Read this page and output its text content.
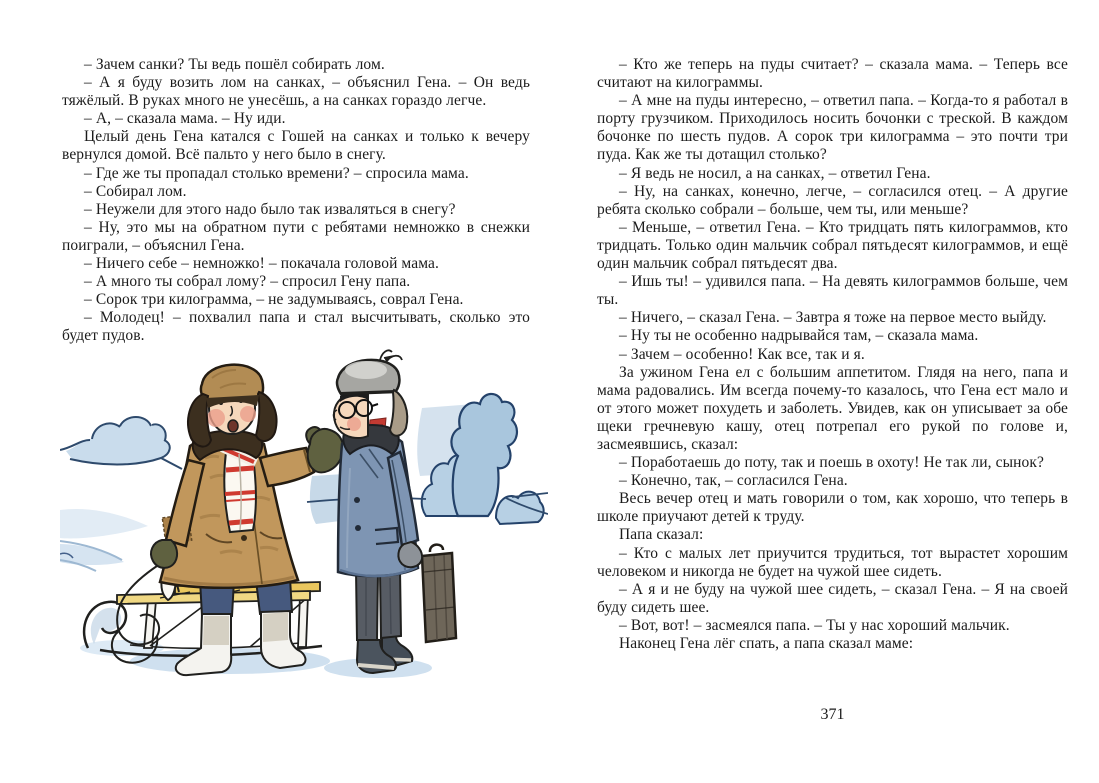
– Зачем санки? Ты ведь пошёл собирать лом.

– А я буду возить лом на санках, – объяснил Гена. – Он ведь тяжёлый. В руках много не унесёшь, а на санках гораздо легче.

– А, – сказала мама. – Ну иди.

Целый день Гена катался с Гошей на санках и только к вечеру вернулся домой. Всё пальто у него было в снегу.

– Где же ты пропадал столько времени? – спросила мама.

– Собирал лом.

– Неужели для этого надо было так изваляться в снегу?

– Ну, это мы на обратном пути с ребятами немножко в снежки поиграли, – объяснил Гена.

– Ничего себе – немножко! – покачала головой мама.

– А много ты собрал лому? – спросил Гену папа.

– Сорок три килограмма, – не задумываясь, соврал Гена.

– Молодец! – похвалил папа и стал высчитывать, сколько это будет пудов.

– Кто же теперь на пуды считает? – сказала мама. – Теперь все считают на килограммы.

– А мне на пуды интересно, – ответил папа. – Когда-то я работал в порту грузчиком. Приходилось носить бочонки с треской. В каждом бочонке по шесть пудов. А сорок три килограмма – это почти три пуда. Как же ты дотащил столько?

– Я ведь не носил, а на санках, – ответил Гена.

– Ну, на санках, конечно, легче, – согласился отец. – А другие ребята сколько собрали – больше, чем ты, или меньше?

– Меньше, – ответил Гена. – Кто тридцать пять килограммов, кто тридцать. Только один мальчик собрал пятьдесят килограммов, и ещё один мальчик собрал пятьдесят два.

– Ишь ты! – удивился папа. – На девять килограммов больше, чем ты.

– Ничего, – сказал Гена. – Завтра я тоже на первое место выйду.

– Ну ты не особенно надрывайся там, – сказала мама.

– Зачем – особенно! Как все, так и я.

За ужином Гена ел с большим аппетитом. Глядя на него, папа и мама радовались. Им всегда почему-то казалось, что Гена ест мало и от этого может похудеть и заболеть. Увидев, как он уписывает за обе щеки гречневую кашу, отец потрепал его рукой по голове и, засмеявшись, сказал:

– Поработаешь до поту, так и поешь в охоту! Не так ли, сынок?

– Конечно, так, – согласился Гена.

Весь вечер отец и мать говорили о том, как хорошо, что теперь в школе приучают детей к труду.

Папа сказал:

– Кто с малых лет приучится трудиться, тот вырастет хорошим человеком и никогда не будет на чужой шее сидеть.

– А я и не буду на чужой шее сидеть, – сказал Гена. – Я на своей буду сидеть шее.

– Вот, вот! – засмеялся папа. – Ты у нас хороший мальчик.

Наконец Гена лёг спать, а папа сказал маме:

371
